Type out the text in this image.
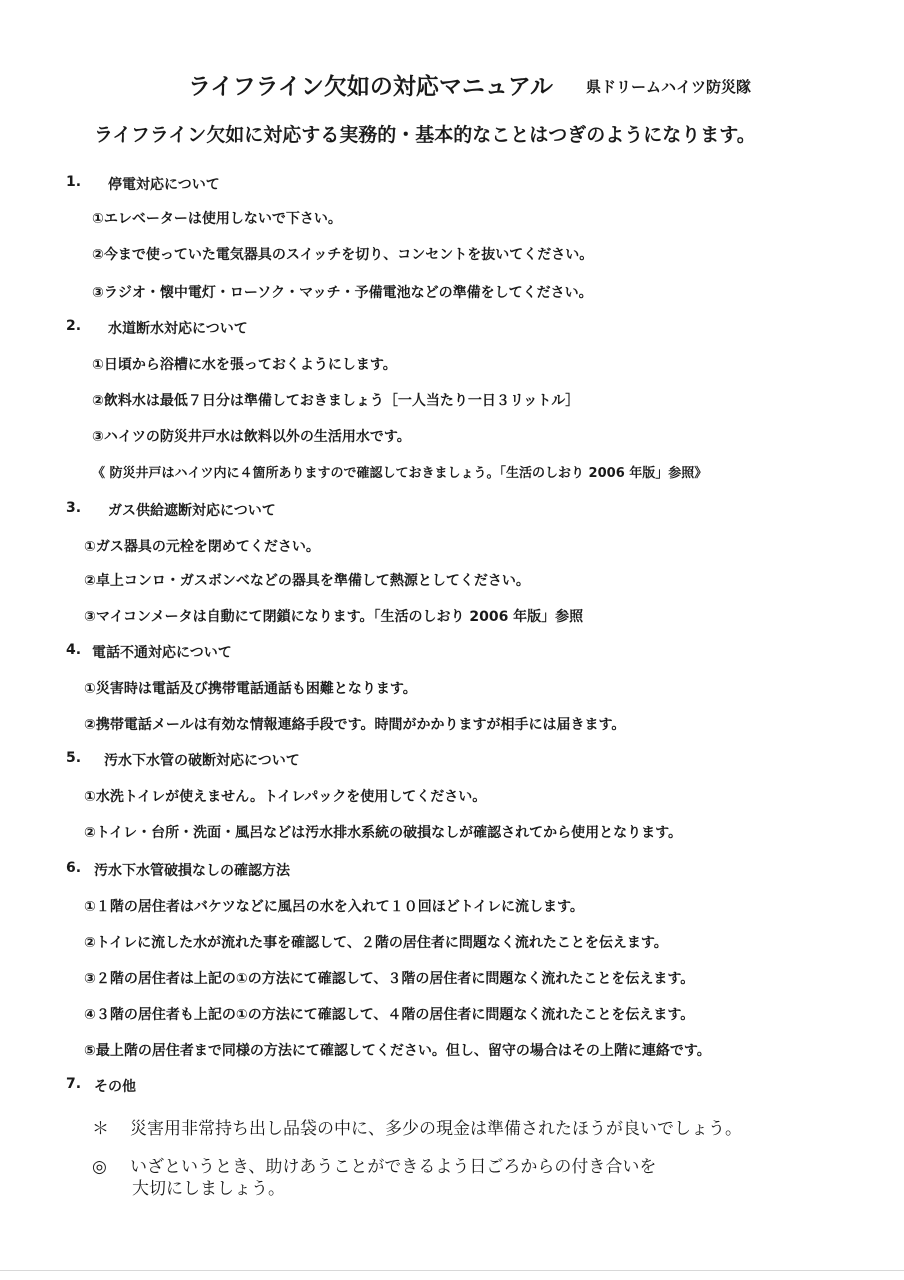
ライフライン欠如の対応マニュアル 県ドリームハイツ防災隊
ライフライン欠如に対応する実務的・基本的なことはつぎのようになります。
1. 停電対応について
①エレベーターは使用しないで下さい。
②今まで使っていた電気器具のスイッチを切り、コンセントを抜いてください。
③ラジオ・懐中電灯・ローソク・マッチ・予備電池などの準備をしてください。
2. 水道断水対応について
①日頃から浴槽に水を張っておくようにします。
②飲料水は最低７日分は準備しておきましょう［一人当たり一日３リットル］
③ハイツの防災井戸水は飲料以外の生活用水です。
《 防災井戸はハイツ内に４箇所ありますので確認しておきましょう。「生活のしおり 2006 年版」参照》
3. ガス供給遮断対応について
①ガス器具の元栓を閉めてください。
②卓上コンロ・ガスボンベなどの器具を準備して熱源としてください。
③マイコンメータは自動にて閉鎖になります。「生活のしおり 2006 年版」参照
4. 電話不通対応について
①災害時は電話及び携帯電話通話も困難となります。
②携帯電話メールは有効な情報連絡手段です。時間がかかりますが相手には届きます。
5. 汚水下水管の破断対応について
①水洗トイレが使えません。トイレパックを使用してください。
②トイレ・台所・洗面・風呂などは汚水排水系統の破損なしが確認されてから使用となります。
6. 汚水下水管破損なしの確認方法
①１階の居住者はバケツなどに風呂の水を入れて１０回ほどトイレに流します。
②トイレに流した水が流れた事を確認して、２階の居住者に問題なく流れたことを伝えます。
③２階の居住者は上記の①の方法にて確認して、３階の居住者に問題なく流れたことを伝えます。
④３階の居住者も上記の①の方法にて確認して、４階の居住者に問題なく流れたことを伝えます。
⑤最上階の居住者まで同様の方法にて確認してください。但し、留守の場合はその上階に連絡です。
7. その他
＊ 災害用非常持ち出し品袋の中に、多少の現金は準備されたほうが良いでしょう。
◎ いざというとき、助けあうことができるよう日ごろからの付き合いを
大切にしましょう。
